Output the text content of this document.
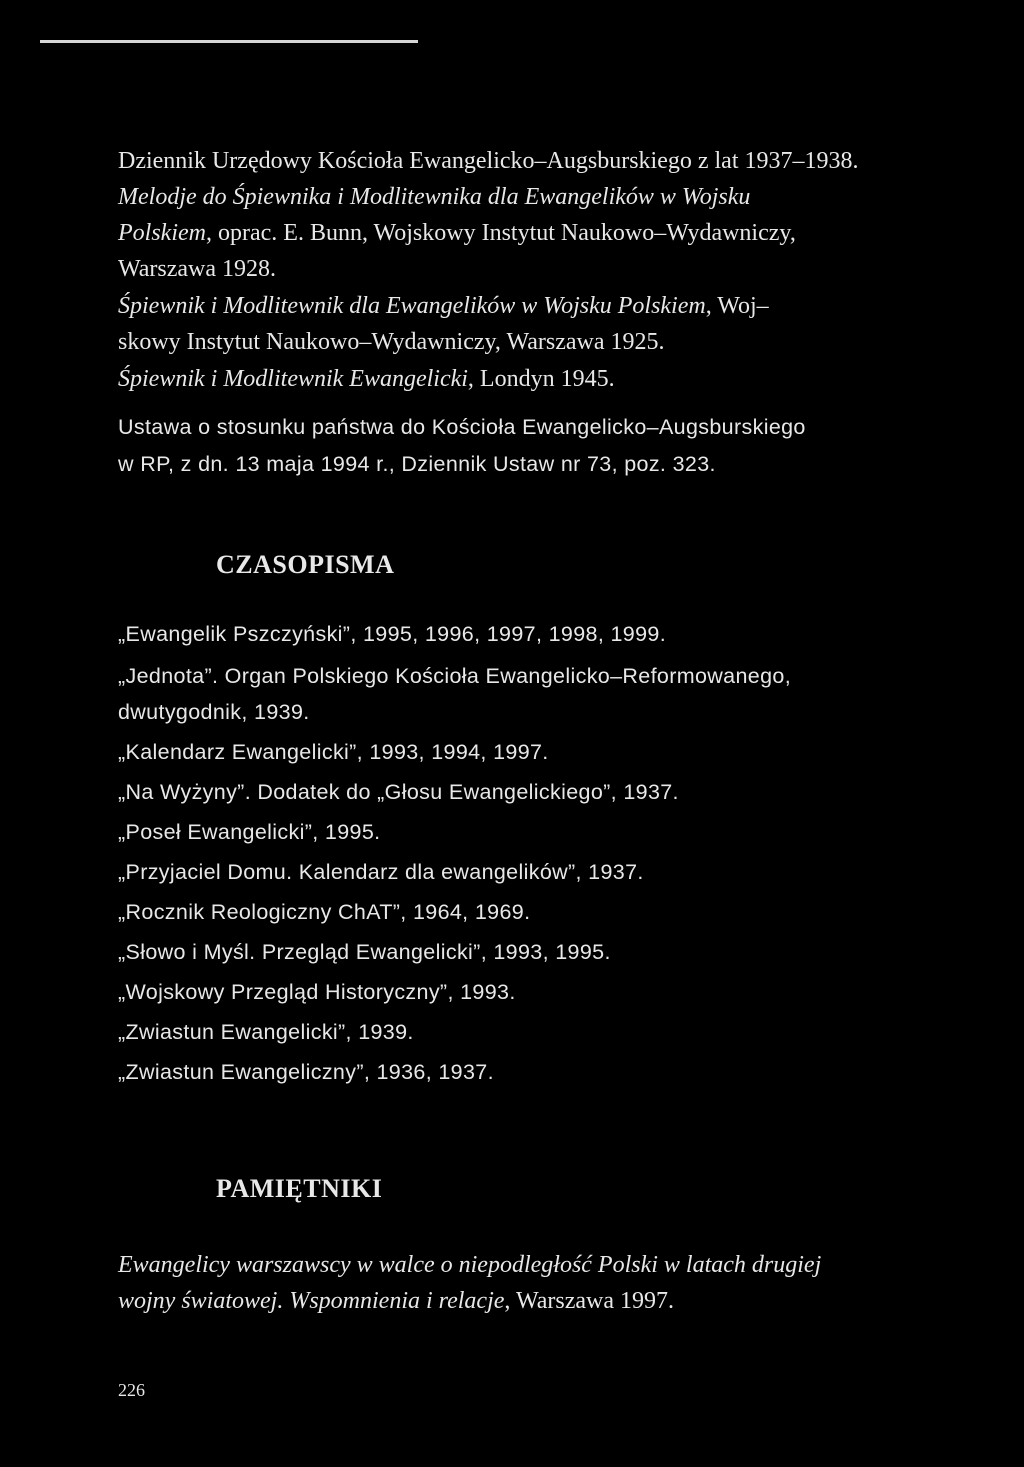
Dziennik Urzędowy Kościoła Ewangelicko–Augsburskiego z lat 1937–1938.
Melodje do Śpiewnika i Modlitewnika dla Ewangelików w Wojsku
Polskiem, oprac. E. Bunn, Wojskowy Instytut Naukowo–Wydawniczy,
Warszawa 1928.
Śpiewnik i Modlitewnik dla Ewangelików w Wojsku Polskiem, Woj–
skowy Instytut Naukowo–Wydawniczy, Warszawa 1925.
Śpiewnik i Modlitewnik Ewangelicki, Londyn 1945.
Ustawa o stosunku państwa do Kościoła Ewangelicko–Augsburskiego
w RP, z dn. 13 maja 1994 r., Dziennik Ustaw nr 73, poz. 323.
CZASOPISMA
„Ewangelik Pszczyński”, 1995, 1996, 1997, 1998, 1999.
„Jednota”. Organ Polskiego Kościoła Ewangelicko–Reformowanego,
dwutygodnik, 1939.
„Kalendarz Ewangelicki”, 1993, 1994, 1997.
„Na Wyżyny”. Dodatek do „Głosu Ewangelickiego”, 1937.
„Poseł Ewangelicki”, 1995.
„Przyjaciel Domu. Kalendarz dla ewangelików”, 1937.
„Rocznik Reologiczny ChAT”, 1964, 1969.
„Słowo i Myśl. Przegląd Ewangelicki”, 1993, 1995.
„Wojskowy Przegląd Historyczny”, 1993.
„Zwiastun Ewangelicki”, 1939.
„Zwiastun Ewangeliczny”, 1936, 1937.
PAMIĘTNIKI
Ewangelicy warszawscy w walce o niepodległość Polski w latach drugiej
wojny światowej. Wspomnienia i relacje, Warszawa 1997.
226
